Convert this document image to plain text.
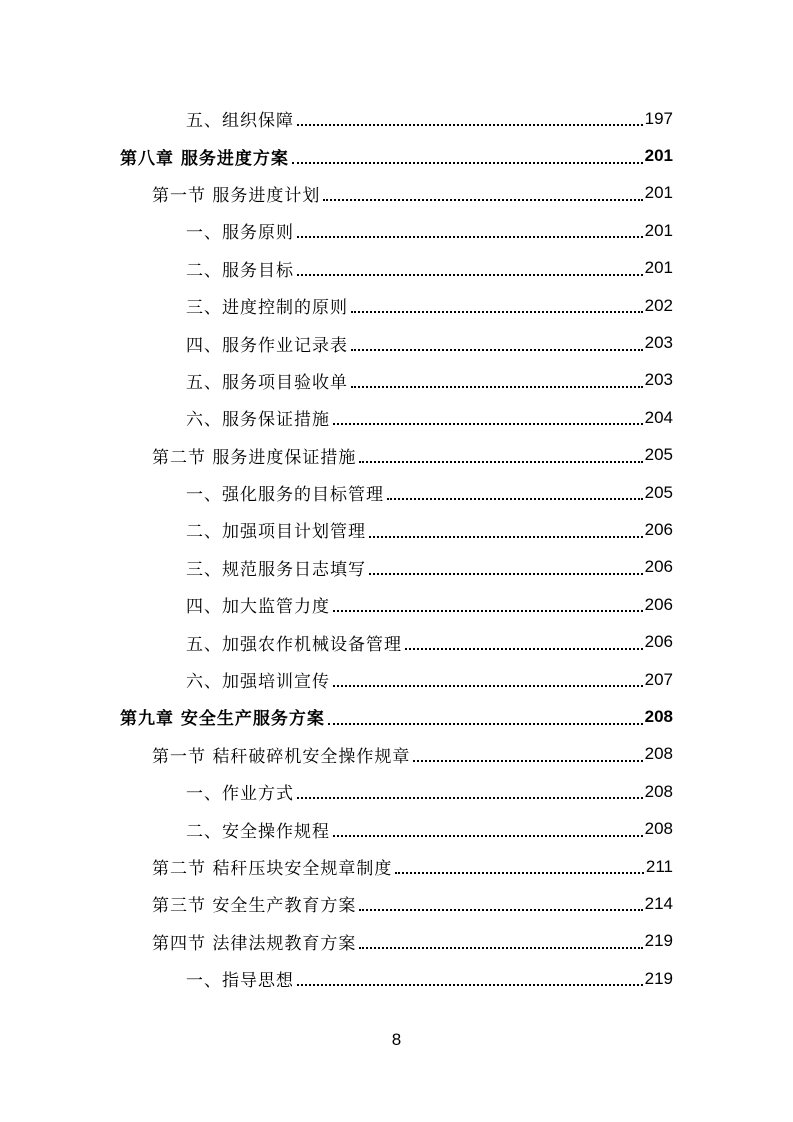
五、组织保障	197
第八章 服务进度方案	201
第一节 服务进度计划	201
一、服务原则	201
二、服务目标	201
三、进度控制的原则	202
四、服务作业记录表	203
五、服务项目验收单	203
六、服务保证措施	204
第二节 服务进度保证措施	205
一、强化服务的目标管理	205
二、加强项目计划管理	206
三、规范服务日志填写	206
四、加大监管力度	206
五、加强农作机械设备管理	206
六、加强培训宣传	207
第九章 安全生产服务方案	208
第一节 秸秆破碎机安全操作规章	208
一、作业方式	208
二、安全操作规程	208
第二节 秸秆压块安全规章制度	211
第三节 安全生产教育方案	214
第四节 法律法规教育方案	219
一、指导思想	219
8
